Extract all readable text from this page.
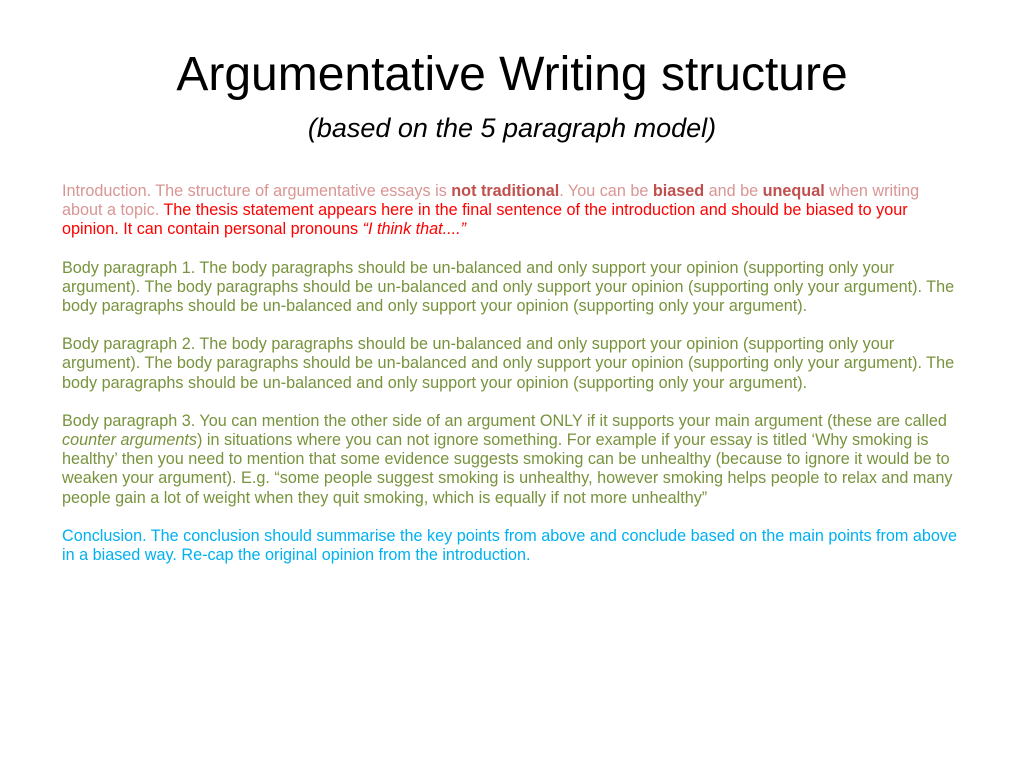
Argumentative Writing structure
(based on the 5 paragraph model)

Introduction. The structure of argumentative essays is not traditional. You can be biased and be unequal when writing about a topic. The thesis statement appears here in the final sentence of the introduction and should be biased to your opinion. It can contain personal pronouns “I think that....”

Body paragraph 1. The body paragraphs should be un-balanced and only support your opinion (supporting only your argument). The body paragraphs should be un-balanced and only support your opinion (supporting only your argument). The body paragraphs should be un-balanced and only support your opinion (supporting only your argument).

Body paragraph 2. The body paragraphs should be un-balanced and only support your opinion (supporting only your argument). The body paragraphs should be un-balanced and only support your opinion (supporting only your argument). The body paragraphs should be un-balanced and only support your opinion (supporting only your argument).

Body paragraph 3. You can mention the other side of an argument ONLY if it supports your main argument (these are called counter arguments) in situations where you can not ignore something. For example if your essay is titled ‘Why smoking is healthy’ then you need to mention that some evidence suggests smoking can be unhealthy (because to ignore it would be to weaken your argument). E.g. “some people suggest smoking is unhealthy, however smoking helps people to relax and many people gain a lot of weight when they quit smoking, which is equally if not more unhealthy”

Conclusion. The conclusion should summarise the key points from above and conclude based on the main points from above in a biased way. Re-cap the original opinion from the introduction.
